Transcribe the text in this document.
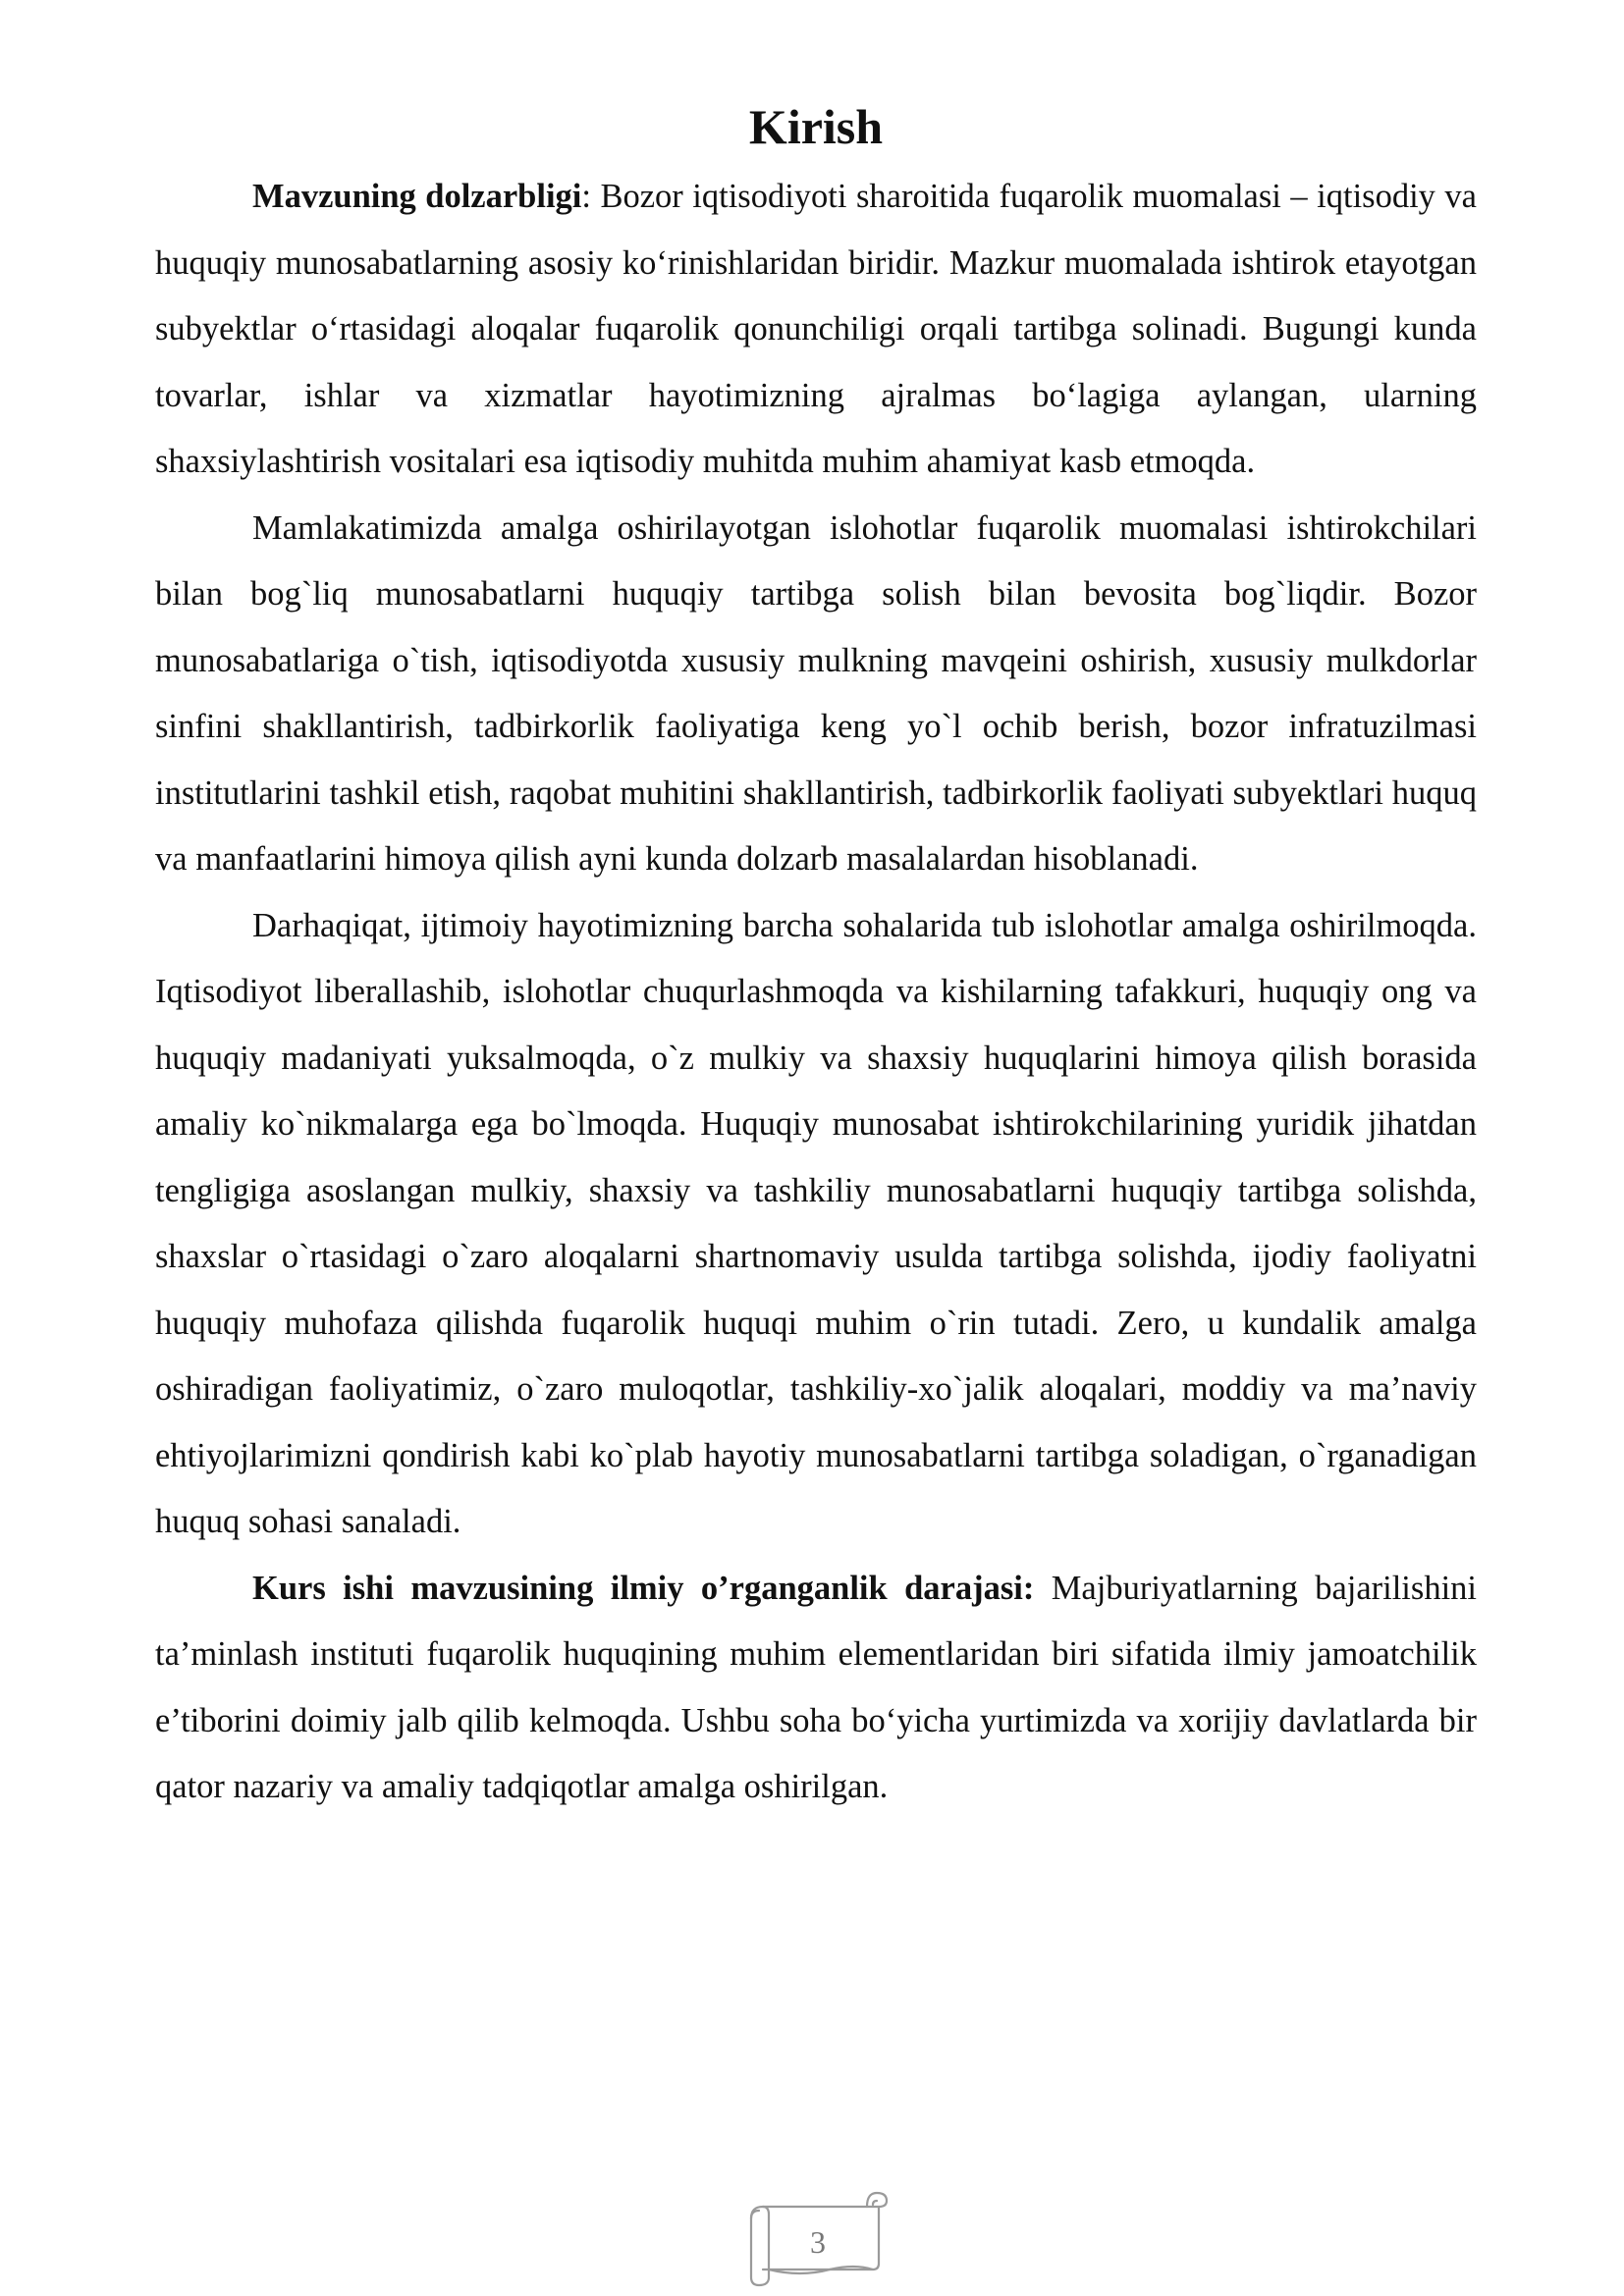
Kirish

Mavzuning dolzarbligi: Bozor iqtisodiyoti sharoitida fuqarolik muomalasi – iqtisodiy va huquqiy munosabatlarning asosiy ko‘rinishlaridan biridir. Mazkur muomalada ishtirok etayotgan subyektlar o‘rtasidagi aloqalar fuqarolik qonunchiligi orqali tartibga solinadi. Bugungi kunda tovarlar, ishlar va xizmatlar hayotimizning ajralmas bo‘lagiga aylangan, ularning shaxsiylashtirish vositalari esa iqtisodiy muhitda muhim ahamiyat kasb etmoqda.

Mamlakatimizda amalga oshirilayotgan islohotlar fuqarolik muomalasi ishtirokchilari bilan bog`liq munosabatlarni huquqiy tartibga solish bilan bevosita bog`liqdir. Bozor munosabatlariga o`tish, iqtisodiyotda xususiy mulkning mavqeini oshirish, xususiy mulkdorlar sinfini shakllantirish, tadbirkorlik faoliyatiga keng yo`l ochib berish, bozor infratuzilmasi institutlarini tashkil etish, raqobat muhitini shakllantirish, tadbirkorlik faoliyati subyektlari huquq va manfaatlarini himoya qilish ayni kunda dolzarb masalalardan hisoblanadi.

Darhaqiqat, ijtimoiy hayotimizning barcha sohalarida tub islohotlar amalga oshirilmoqda. Iqtisodiyot liberallashib, islohotlar chuqurlashmoqda va kishilarning tafakkuri, huquqiy ong va huquqiy madaniyati yuksalmoqda, o`z mulkiy va shaxsiy huquqlarini himoya qilish borasida amaliy ko`nikmalarga ega bo`lmoqda. Huquqiy munosabat ishtirokchilarining yuridik jihatdan tengligiga asoslangan mulkiy, shaxsiy va tashkiliy munosabatlarni huquqiy tartibga solishda, shaxslar o`rtasidagi o`zaro aloqalarni shartnomaviy usulda tartibga solishda, ijodiy faoliyatni huquqiy muhofaza qilishda fuqarolik huquqi muhim o`rin tutadi. Zero, u kundalik amalga oshiradigan faoliyatimiz, o`zaro muloqotlar, tashkiliy-xo`jalik aloqalari, moddiy va ma’naviy ehtiyojlarimizni qondirish kabi ko`plab hayotiy munosabatlarni tartibga soladigan, o`rganadigan huquq sohasi sanaladi.

Kurs ishi mavzusining ilmiy o’rganganlik darajasi: Majburiyatlarning bajarilishini ta’minlash instituti fuqarolik huquqining muhim elementlaridan biri sifatida ilmiy jamoatchilik e’tiborini doimiy jalb qilib kelmoqda. Ushbu soha bo‘yicha yurtimizda va xorijiy davlatlarda bir qator nazariy va amaliy tadqiqotlar amalga oshirilgan.

3
